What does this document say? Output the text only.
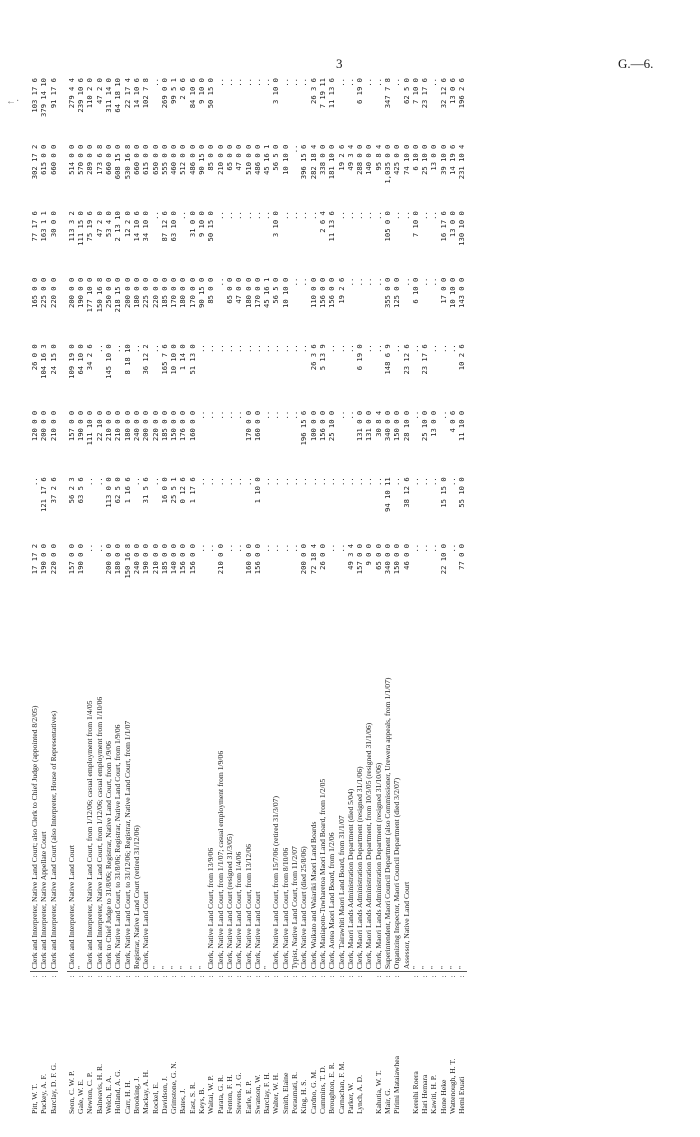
3	G.—6.
←·
Pitt, W. T.	:	Clerk and Interpreter, Native Land Court; also Clerk to Chief Judge (appointed 8/2/05)	17 17 2	..	120 0 0	26 0 0	165 0 0	77 17 6	302 17 2	103 17 6
Puckey, A. F.	:	Clerk and Interpreter, Native Appellate Court	190 0 0	121 17 6	200 0 0	104 16 3	225 0 0	163 1 1	615 0 0	379 14 10
Barclay, D. F. G.	:	Clerk and Interpreter, Native Land Court (also Interpreter, House of Representatives)	220 0 0	37 2 6	210 0 0	24 15 0	220 0 0	30 0 0	660 0 0	91 17 6

Seon, C. W. P.	:	Clerk and Interpreter, Native Land Court	157 0 0	56 2 3	157 0 0	109 19 0	200 0 0	113 3 2	514 0 0	279 4 4
Gale, W. E.	:	"	190 0 0	63 5 6	190 0 0	64 10 0	190 0 0	111 15 0	570 0 0	239 10 6
Newton, C. P.	:	Clerk and Interpreter, Native Land Court, from 1/12/06; casual employment from 1/4/05	..	..	111 10 0	34 2 6	177 10 0	75 19 6	289 0 0	110 2 0
Balneavis, H. R.	:	Clerk and Interpreter, Native Land Court, from 1/12/06; casual employment from 1/10/06	..	..	22 10 0	..	150 16 8	47 2 0	173 6 8	47 2 0
Welch, E. A.	:	Clerk to Chief Judge to 31/8/06; Registrar, Native Land Court, from 1/9/06	200 0 0	113 0 0	210 0 0	145 10 0	250 0 0	53 4 0	660 0 0	311 14 0
Holland, A. G.	:	Clerk, Native Land Court, to 31/8/06; Registrar, Native Land Court, from 1/9/06	180 0 0	62 5 0	210 0 0	..	218 15 0	2 13 10	608 15 0	64 18 10
Carr, H. H.	:	Clerk, Native Land Court, to 31/12/06; Registrar, Native Land Court, from 1/1/07	150 16 8	1 16 6	180 0 0	8 18 10	200 0 0	12 2 0	530 16 8	22 17 4
Brooking, J.	:	Registrar, Native Land Court (retired 31/12/06)	240 0 0	..	240 0 0	..	180 0 0	14 10 6	660 0 0	14 10 6
Mackay, A. H.	:	Clerk, Native Land Court	190 0 0	31 5 6	200 0 0	36 12 2	225 0 0	34 10 0	615 0 0	102 7 8
Rockel, E.	:	"	210 0 0	..	220 0 0	..	220 0 0	..	650 0 0	..
Davidson, J.	:	"	185 0 0	16 0 0	185 0 0	165 7 6	185 0 0	87 12 6	555 0 0	269 0 0
Grimstone, G. N.	:	"	140 0 0	25 5 1	150 0 0	10 10 0	170 0 0	63 10 0	460 0 0	99 5 1
Bates, J.	:	"	156 0 0	0 12 6	176 0 0	1 14 0	180 0 0	..	512 0 0	2 6 6
East, S. R.	:	"	156 0 0	1 17 6	160 0 0	51 13 0	170 0 0	31 0 0	486 0 0	84 10 6
Keys, B.	:	"	..	..	..	..	90 15 0	9 10 0	90 15 0	9 10 0
Waitai, W. P.	:	Clerk, Native Land Court, from 13/9/06	..	..	..	..	85 0 0	50 15 0	85 0 0	50 15 0
Parata, G. R.	:	Clerk, Native Land Court, from 1/1/07; casual employment from 1/9/06	210 0 0	..	..	..	..	..	210 0 0	..
Fenton, F. H.	:	Clerk, Native Land Court (resigned 31/3/05)	..	..	..	..	65 0 0	..	65 0 0	..
Stevens, J. G.	:	Clerk, Native Land Court, from 1/4/06	..	..	..	..	47 0 0	..	47 0 0	..
Earle, E. P.	:	Clerk, Native Land Court, from 13/12/06	160 0 0	..	170 0 0	..	180 0 0	..	510 0 0	..
Swanson, W.	:	Clerk, Native Land Court	156 0 0	1 10 0	160 0 0	..	170 0 0	..	486 0 0	..
Barclay, F. H.	:	"	..	..	..	..	45 16 1	..	45 16 1	..
Walter, W. H.	:	Clerk, Native Land Court, from 15/7/06 (retired 31/3/07)	..	..	..	..	56 5 0	3 10 0	56 5 0	3 10 0
Smith, Elaine	:	Clerk, Native Land Court, from 8/10/06	..	..	..	..	10 10 0	..	10 10 0	..
Poraumati, R.	:	Typist, Native Land Court, from 11/2/07	..	..	..	..	..	..	..	..
King, H. S.	:	Clerk, Native Land Court (died 25/8/06)	200 0 0	..	196 15 6	..	..	..	396 15 6	..
Cardno, G. M.	:	Clerk, Waikato and Waiariki Maori Land Boards	72 18 4	..	100 0 0	26 3 6	110 0 0	..	282 18 4	26 3 6
Cummins, T. D.	:	Clerk, Maniapoto-Tuwharetoa Maori Land Board, from 1/2/05	26 0 0	..	156 0 0	5 13 9	156 0 0	2 6 4	338 0 0	7 19 11
Broughton, E. R.	:	Clerk, Aotea Maori Land Board, from 1/2/06	..	..	25 10 0	..	156 0 0	11 13 6	181 10 0	11 13 6
Carnachan, F. M.	:	Clerk, Tairawhiti Maori Land Board, from 31/1/07	..	..	..	..	19 2 6	..	19 2 6	..
Parker, W.	:	Clerk, Maori Lands Administration Department (died 5/04)	49 3 4	..	..	..	..	..	49 3 4	..
Lynch, A. D.	:	Clerk, Maori Lands Administration Department (resigned 31/1/06)	157 0 0	..	131 0 0	6 19 0	..	..	288 0 0	6 19 0
		Clerk, Maori Lands Administration Department, from 10/3/05 (resigned 31/1/06)	9 0 0	..	131 0 0	..	..	..	140 0 0	..
Kahutia, W. T.	:	Clerk, Maori Lands Administration Department (resigned 31/10/06)	65 0 0	..	30 8 4	..	..	..	95 8 4	..
Mair, G.	:	Superintendent, Maori Council Department (also Commissioner, Urewera appeals, from 1/1/07)	340 0 0	94 10 11	340 0 0	148 6 9	355 0 0	105 0 0	1,035 0 0	347 7 8
Pirimi Mataiawhea	:	Organizing Inspector, Maori Council Department (died 3/2/07)	150 0 0	..	150 0 0	..	125 0 0	..	425 0 0	..
		Assessor, Native Land Court	46 0 0	38 12 6	28 10 0	23 12 6	..	..	74 10 0	62 5 0
Kereihi Roera	:	"	..	..	..	..	6 10 0	7 10 0	6 10 0	7 10 0
Hari Hemara	:	"	..	..	25 10 0	23 17 6	..	..	25 10 0	23 17 6
Kawiti, H. P.	:	"	..	..	13 0 0	..	..	..	13 0 0	..
Hone Heke	:	"	22 10 0	15 15 0	..	..	17 0 0	16 17 6	39 10 0	32 12 6
Wattenough, H. T.	:	"	..	..	4 0 6	..	10 10 0	13 0 0	14 19 6	13 0 6
Hemi Eruati	:	"	77 0 0	55 10 0	11 10 0	10 2 6	143 0 0	130 10 0	231 10 4	196 2 6
